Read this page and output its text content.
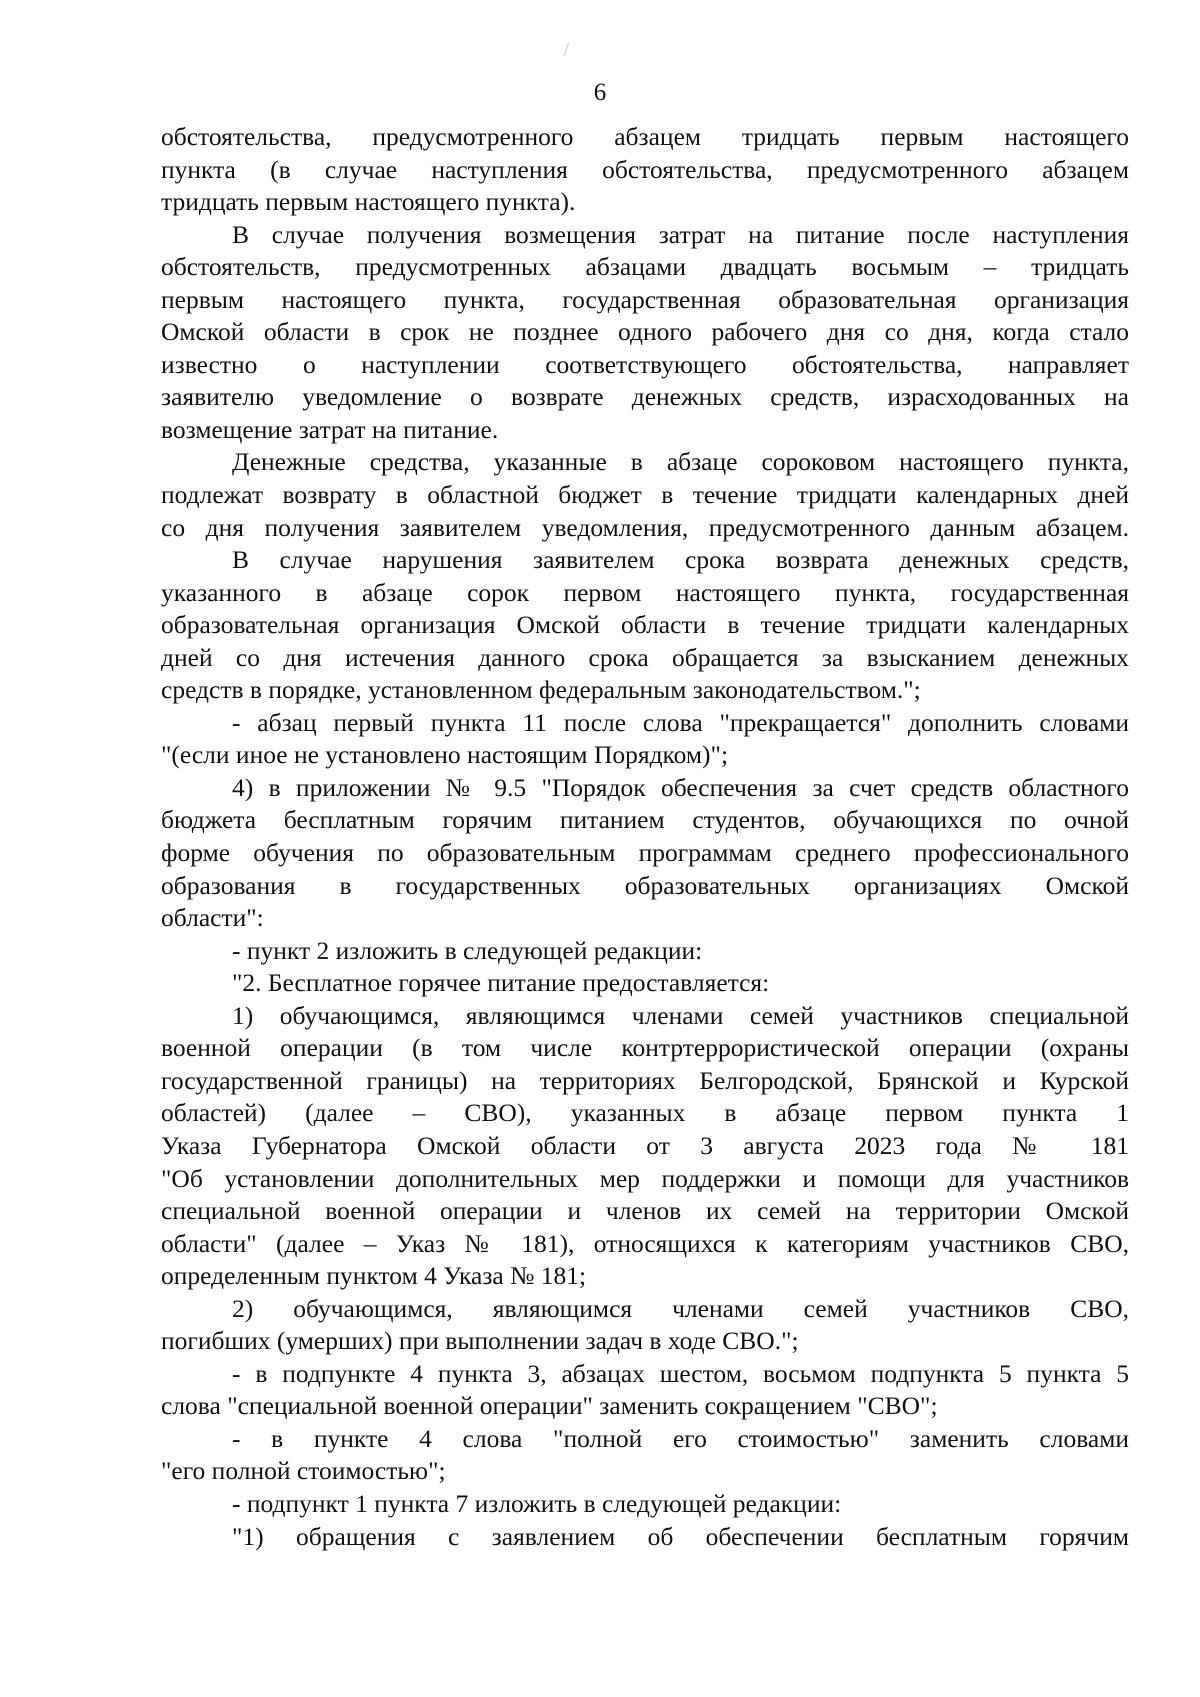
6
обстоятельства, предусмотренного абзацем тридцать первым настоящего
пункта (в случае наступления обстоятельства, предусмотренного абзацем
тридцать первым настоящего пункта).
В случае получения возмещения затрат на питание после наступления
обстоятельств, предусмотренных абзацами двадцать восьмым – тридцать
первым настоящего пункта, государственная образовательная организация
Омской области в срок не позднее одного рабочего дня со дня, когда стало
известно о наступлении соответствующего обстоятельства, направляет
заявителю уведомление о возврате денежных средств, израсходованных на
возмещение затрат на питание.
Денежные средства, указанные в абзаце сороковом настоящего пункта,
подлежат возврату в областной бюджет в течение тридцати календарных дней
со дня получения заявителем уведомления, предусмотренного данным абзацем.
В случае нарушения заявителем срока возврата денежных средств,
указанного в абзаце сорок первом настоящего пункта, государственная
образовательная организация Омской области в течение тридцати календарных
дней со дня истечения данного срока обращается за взысканием денежных
средств в порядке, установленном федеральным законодательством.";
- абзац первый пункта 11 после слова "прекращается" дополнить словами
"(если иное не установлено настоящим Порядком)";
4) в приложении № 9.5 "Порядок обеспечения за счет средств областного
бюджета бесплатным горячим питанием студентов, обучающихся по очной
форме обучения по образовательным программам среднего профессионального
образования в государственных образовательных организациях Омской
области":
- пункт 2 изложить в следующей редакции:
"2. Бесплатное горячее питание предоставляется:
1) обучающимся, являющимся членами семей участников специальной
военной операции (в том числе контртеррористической операции (охраны
государственной границы) на территориях Белгородской, Брянской и Курской
областей) (далее – СВО), указанных в абзаце первом пункта 1
Указа Губернатора Омской области от 3 августа 2023 года № 181
"Об установлении дополнительных мер поддержки и помощи для участников
специальной военной операции и членов их семей на территории Омской
области" (далее – Указ № 181), относящихся к категориям участников СВО,
определенным пунктом 4 Указа № 181;
2) обучающимся, являющимся членами семей участников СВО,
погибших (умерших) при выполнении задач в ходе СВО.";
- в подпункте 4 пункта 3, абзацах шестом, восьмом подпункта 5 пункта 5
слова "специальной военной операции" заменить сокращением "СВО";
- в пункте 4 слова "полной его стоимостью" заменить словами
"его полной стоимостью";
- подпункт 1 пункта 7 изложить в следующей редакции:
"1) обращения с заявлением об обеспечении бесплатным горячим
